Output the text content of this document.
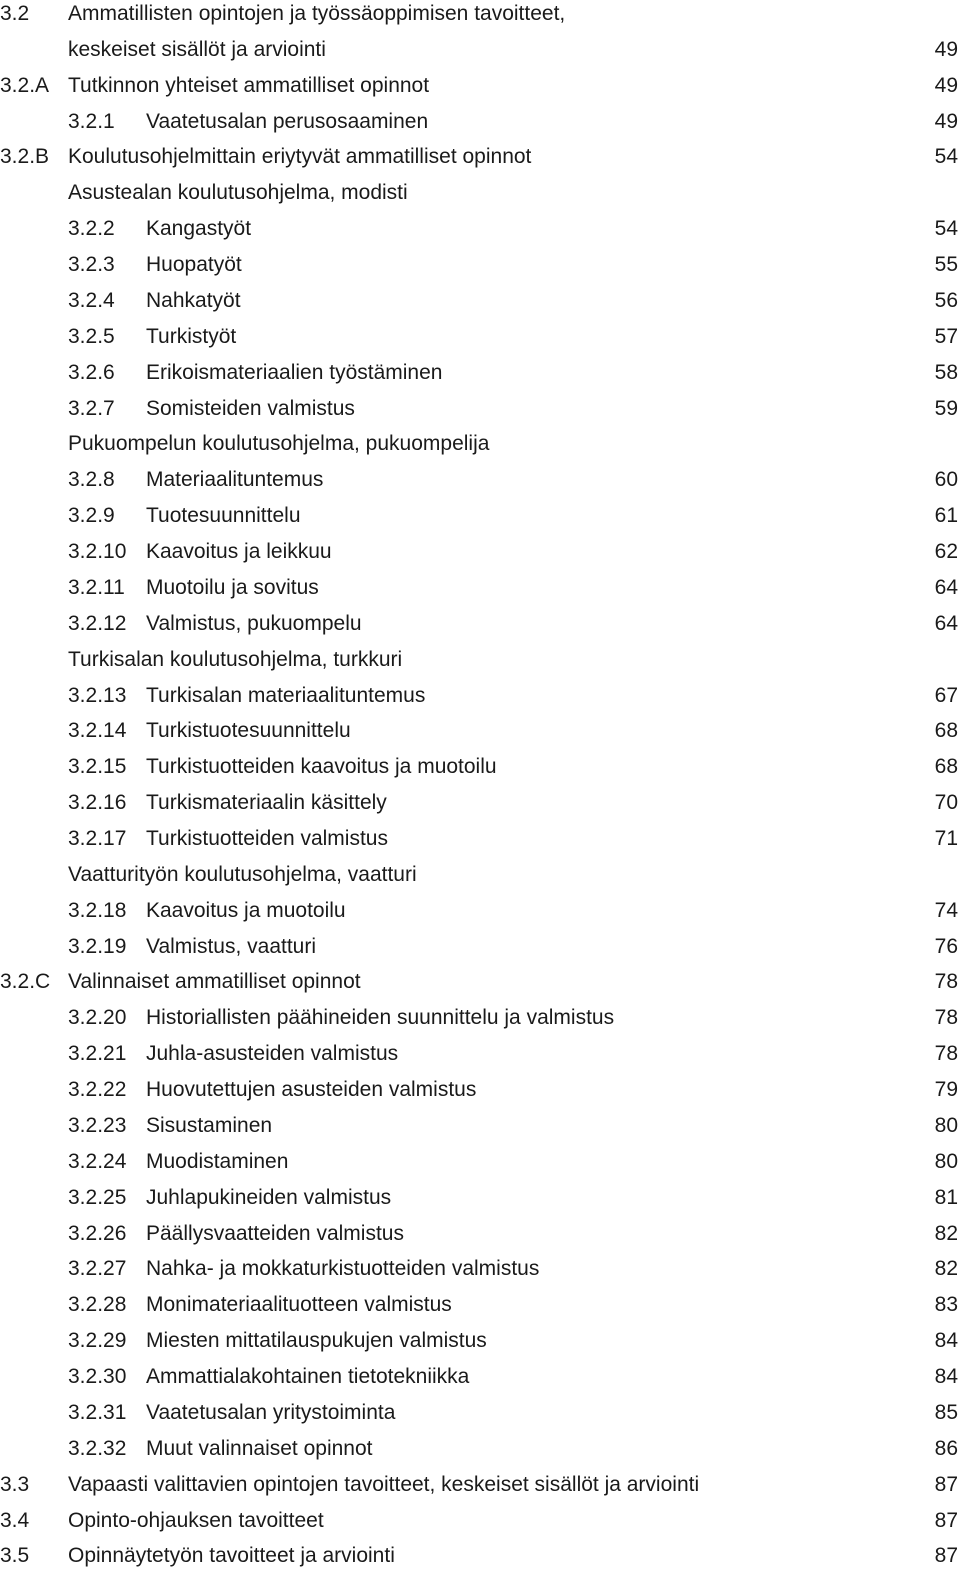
3.2 Ammatillisten opintojen ja työssäoppimisen tavoitteet,
keskeiset sisällöt ja arviointi	49
3.2.A Tutkinnon yhteiset ammatilliset opinnot	49
3.2.1 Vaatetusalan perusosaaminen	49
3.2.B Koulutusohjelmittain eriytyvät ammatilliset opinnot	54
Asustealan koulutusohjelma, modisti
3.2.2 Kangastyöt	54
3.2.3 Huopatyöt	55
3.2.4 Nahkatyöt	56
3.2.5 Turkistyöt	57
3.2.6 Erikoismateriaalien työstäminen	58
3.2.7 Somisteiden valmistus	59
Pukuompelun koulutusohjelma, pukuompelija
3.2.8 Materiaalituntemus	60
3.2.9 Tuotesuunnittelu	61
3.2.10 Kaavoitus ja leikkuu	62
3.2.11 Muotoilu ja sovitus	64
3.2.12 Valmistus, pukuompelu	64
Turkisalan koulutusohjelma, turkkuri
3.2.13 Turkisalan materiaalituntemus	67
3.2.14 Turkistuotesuunnittelu	68
3.2.15 Turkistuotteiden kaavoitus ja muotoilu	68
3.2.16 Turkismateriaalin käsittely	70
3.2.17 Turkistuotteiden valmistus	71
Vaatturityön koulutusohjelma, vaatturi
3.2.18 Kaavoitus ja muotoilu	74
3.2.19 Valmistus, vaatturi	76
3.2.C Valinnaiset ammatilliset opinnot	78
3.2.20 Historiallisten päähineiden suunnittelu ja valmistus	78
3.2.21 Juhla-asusteiden valmistus	78
3.2.22 Huovutettujen asusteiden valmistus	79
3.2.23 Sisustaminen	80
3.2.24 Muodistaminen	80
3.2.25 Juhlapukineiden valmistus	81
3.2.26 Päällysvaatteiden valmistus	82
3.2.27 Nahka- ja mokkaturkistuotteiden valmistus	82
3.2.28 Monimateriaalituotteen valmistus	83
3.2.29 Miesten mittatilauspukujen valmistus	84
3.2.30 Ammattialakohtainen tietotekniikka	84
3.2.31 Vaatetusalan yritystoiminta	85
3.2.32 Muut valinnaiset opinnot	86
3.3 Vapaasti valittavien opintojen tavoitteet, keskeiset sisällöt ja arviointi	87
3.4 Opinto-ohjauksen tavoitteet	87
3.5 Opinnäytetyön tavoitteet ja arviointi	87
